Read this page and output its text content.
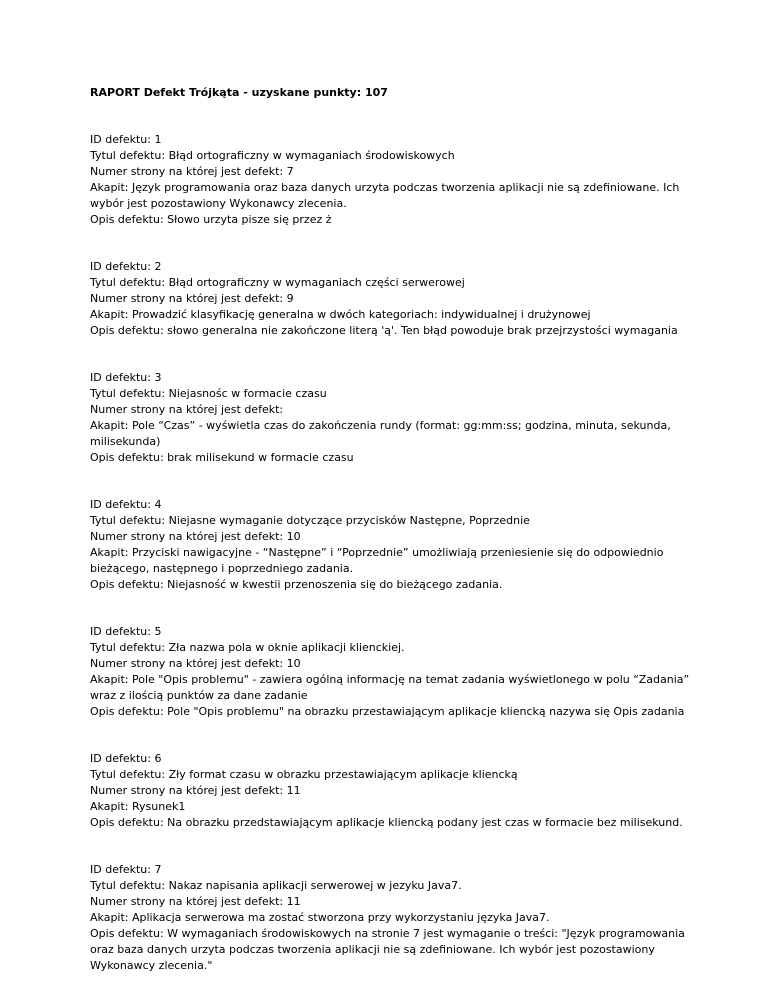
RAPORT Defekt Trójkąta - uzyskane punkty: 107
ID defektu: 1
Tytul defektu: Błąd ortograficzny w wymaganiach środowiskowych
Numer strony na której jest defekt: 7
Akapit: Język programowania oraz baza danych urzyta podczas tworzenia aplikacji nie są zdefiniowane. Ich wybór jest pozostawiony Wykonawcy zlecenia.
Opis defektu: Słowo urzyta pisze się przez ż
ID defektu: 2
Tytul defektu: Błąd ortograficzny w wymaganiach części serwerowej
Numer strony na której jest defekt: 9
Akapit: Prowadzić klasyfikację generalna w dwóch kategoriach: indywidualnej i drużynowej
Opis defektu: słowo generalna nie zakończone literą 'ą'. Ten błąd powoduje brak przejrzystości wymagania
ID defektu: 3
Tytul defektu: Niejasnośc w formacie czasu
Numer strony na której jest defekt:
Akapit: Pole “Czas” - wyświetla czas do zakończenia rundy (format: gg:mm:ss; godzina, minuta, sekunda, milisekunda)
Opis defektu: brak milisekund w formacie czasu
ID defektu: 4
Tytul defektu: Niejasne wymaganie dotyczące przycisków Następne, Poprzednie
Numer strony na której jest defekt: 10
Akapit: Przyciski nawigacyjne - “Następne” i “Poprzednie” umożliwiają przeniesienie się do odpowiednio bieżącego, następnego i poprzedniego zadania.
Opis defektu: Niejasność w kwestii przenoszenia się do bieżącego zadania.
ID defektu: 5
Tytul defektu: Zła nazwa pola w oknie aplikacji klienckiej.
Numer strony na której jest defekt: 10
Akapit: Pole "Opis problemu" - zawiera ogólną informację na temat zadania wyświetlonego w polu “Zadania” wraz z ilością punktów za dane zadanie
Opis defektu: Pole "Opis problemu" na obrazku przestawiającym aplikacje kliencką nazywa się Opis zadania
ID defektu: 6
Tytul defektu: Zły format czasu w obrazku przestawiającym aplikacje kliencką
Numer strony na której jest defekt: 11
Akapit: Rysunek1
Opis defektu: Na obrazku przedstawiającym aplikacje kliencką podany jest czas w formacie bez milisekund.
ID defektu: 7
Tytul defektu: Nakaz napisania aplikacji serwerowej w jezyku Java7.
Numer strony na której jest defekt: 11
Akapit: Aplikacja serwerowa ma zostać stworzona przy wykorzystaniu języka Java7.
Opis defektu: W wymaganiach środowiskowych na stronie 7 jest wymaganie o treści: "Język programowania oraz baza danych urzyta podczas tworzenia aplikacji nie są zdefiniowane. Ich wybór jest pozostawiony Wykonawcy zlecenia."
